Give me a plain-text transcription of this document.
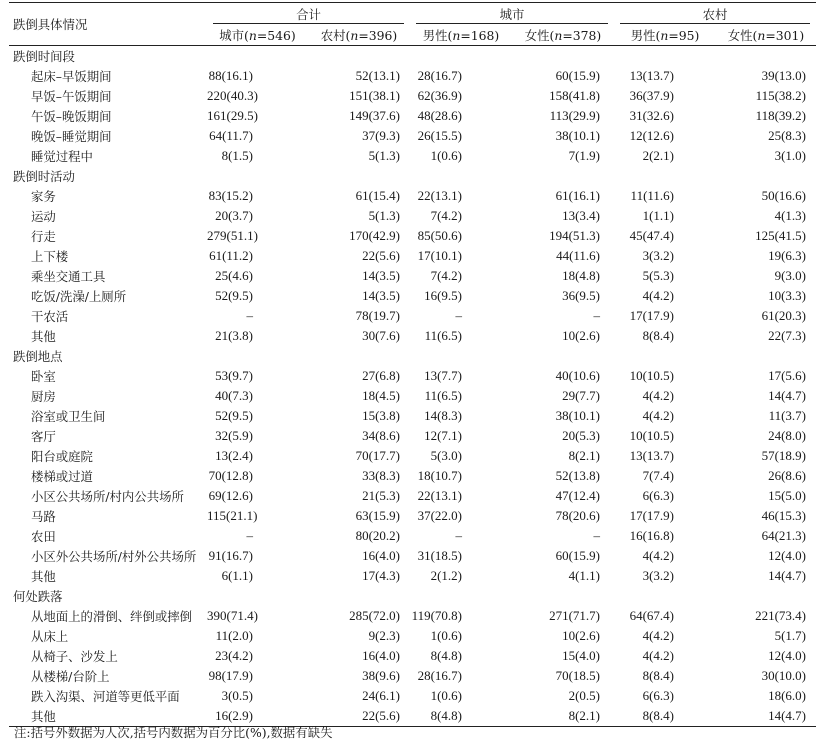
跌倒具体情况	合计		城市		农村	

	城市(n=546)	农村(n=396)	男性(n=168)	女性(n=378)	男性(n=95)	女性(n=301)
跌倒时间段						
起床–早饭期间	88(16.1)	52(13.1)	28(16.7)	60(15.9)	13(13.7)	39(13.0)
早饭–午饭期间	220(40.3)	151(38.1)	62(36.9)	158(41.8)	36(37.9)	115(38.2)
午饭–晚饭期间	161(29.5)	149(37.6)	48(28.6)	113(29.9)	31(32.6)	118(39.2)
晚饭–睡觉期间	64(11.7)	37(9.3)	26(15.5)	38(10.1)	12(12.6)	25(8.3)
睡觉过程中	8(1.5)	5(1.3)	1(0.6)	7(1.9)	2(2.1)	3(1.0)
跌倒时活动						
家务	83(15.2)	61(15.4)	22(13.1)	61(16.1)	11(11.6)	50(16.6)
运动	20(3.7)	5(1.3)	7(4.2)	13(3.4)	1(1.1)	4(1.3)
行走	279(51.1)	170(42.9)	85(50.6)	194(51.3)	45(47.4)	125(41.5)
上下楼	61(11.2)	22(5.6)	17(10.1)	44(11.6)	3(3.2)	19(6.3)
乘坐交通工具	25(4.6)	14(3.5)	7(4.2)	18(4.8)	5(5.3)	9(3.0)
吃饭/洗澡/上厕所	52(9.5)	14(3.5)	16(9.5)	36(9.5)	4(4.2)	10(3.3)
干农活	–	78(19.7)	–	–	17(17.9)	61(20.3)
其他	21(3.8)	30(7.6)	11(6.5)	10(2.6)	8(8.4)	22(7.3)
跌倒地点						
卧室	53(9.7)	27(6.8)	13(7.7)	40(10.6)	10(10.5)	17(5.6)
厨房	40(7.3)	18(4.5)	11(6.5)	29(7.7)	4(4.2)	14(4.7)
浴室或卫生间	52(9.5)	15(3.8)	14(8.3)	38(10.1)	4(4.2)	11(3.7)
客厅	32(5.9)	34(8.6)	12(7.1)	20(5.3)	10(10.5)	24(8.0)
阳台或庭院	13(2.4)	70(17.7)	5(3.0)	8(2.1)	13(13.7)	57(18.9)
楼梯或过道	70(12.8)	33(8.3)	18(10.7)	52(13.8)	7(7.4)	26(8.6)
小区公共场所/村内公共场所	69(12.6)	21(5.3)	22(13.1)	47(12.4)	6(6.3)	15(5.0)
马路	115(21.1)	63(15.9)	37(22.0)	78(20.6)	17(17.9)	46(15.3)
农田	–	80(20.2)	–	–	16(16.8)	64(21.3)
小区外公共场所/村外公共场所	91(16.7)	16(4.0)	31(18.5)	60(15.9)	4(4.2)	12(4.0)
其他	6(1.1)	17(4.3)	2(1.2)	4(1.1)	3(3.2)	14(4.7)
何处跌落						
从地面上的滑倒、绊倒或摔倒	390(71.4)	285(72.0)	119(70.8)	271(71.7)	64(67.4)	221(73.4)
从床上	11(2.0)	9(2.3)	1(0.6)	10(2.6)	4(4.2)	5(1.7)
从椅子、沙发上	23(4.2)	16(4.0)	8(4.8)	15(4.0)	4(4.2)	12(4.0)
从楼梯/台阶上	98(17.9)	38(9.6)	28(16.7)	70(18.5)	8(8.4)	30(10.0)
跌入沟渠、河道等更低平面	3(0.5)	24(6.1)	1(0.6)	2(0.5)	6(6.3)	18(6.0)
其他	16(2.9)	22(5.6)	8(4.8)	8(2.1)	8(8.4)	14(4.7)
注:括号外数据为人次,括号内数据为百分比(%),数据有缺失
